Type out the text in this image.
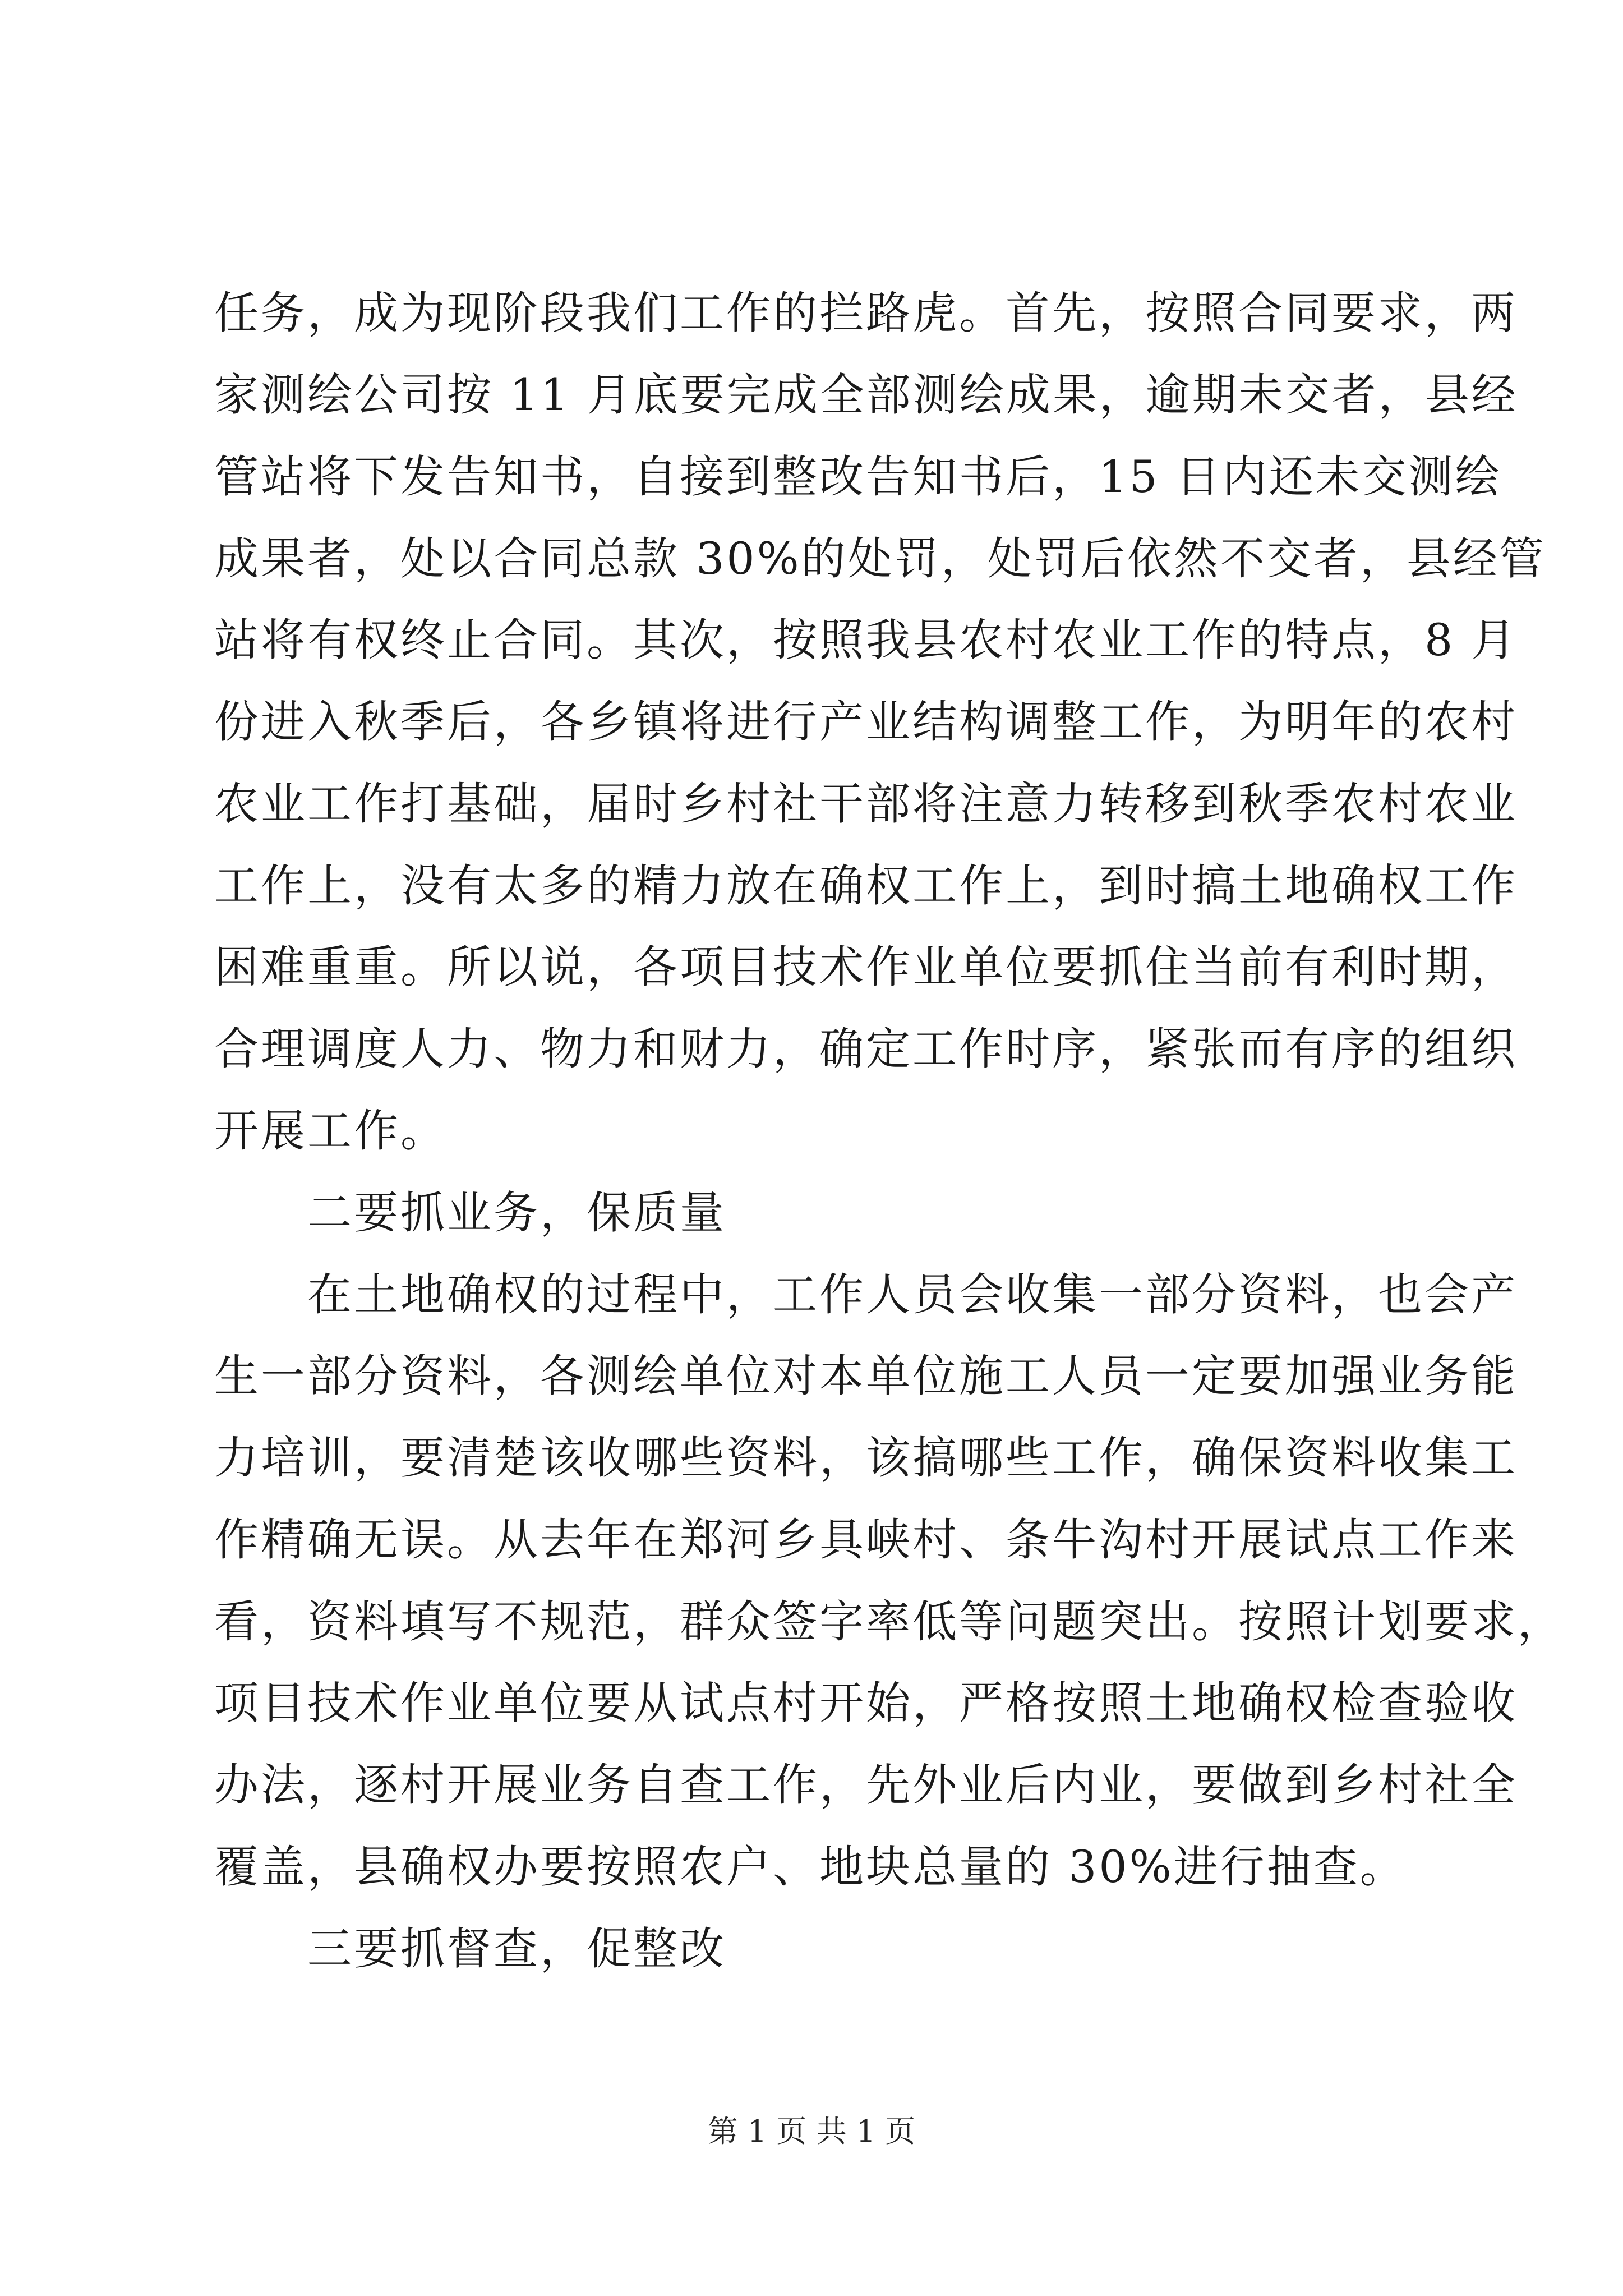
任务，成为现阶段我们工作的拦路虎。首先，按照合同要求，两
家测绘公司按 11 月底要完成全部测绘成果，逾期未交者，县经
管站将下发告知书，自接到整改告知书后，15 日内还未交测绘
成果者，处以合同总款 30%的处罚，处罚后依然不交者，县经管
站将有权终止合同。其次，按照我县农村农业工作的特点，8 月
份进入秋季后，各乡镇将进行产业结构调整工作，为明年的农村
农业工作打基础，届时乡村社干部将注意力转移到秋季农村农业
工作上，没有太多的精力放在确权工作上，到时搞土地确权工作
困难重重。所以说，各项目技术作业单位要抓住当前有利时期，
合理调度人力、物力和财力，确定工作时序，紧张而有序的组织
开展工作。
二要抓业务，保质量
在土地确权的过程中，工作人员会收集一部分资料，也会产
生一部分资料，各测绘单位对本单位施工人员一定要加强业务能
力培训，要清楚该收哪些资料，该搞哪些工作，确保资料收集工
作精确无误。从去年在郑河乡具峡村、条牛沟村开展试点工作来
看，资料填写不规范，群众签字率低等问题突出。按照计划要求，
项目技术作业单位要从试点村开始，严格按照土地确权检查验收
办法，逐村开展业务自查工作，先外业后内业，要做到乡村社全
覆盖，县确权办要按照农户、地块总量的 30%进行抽查。
三要抓督查，促整改
第 1 页 共 1 页
